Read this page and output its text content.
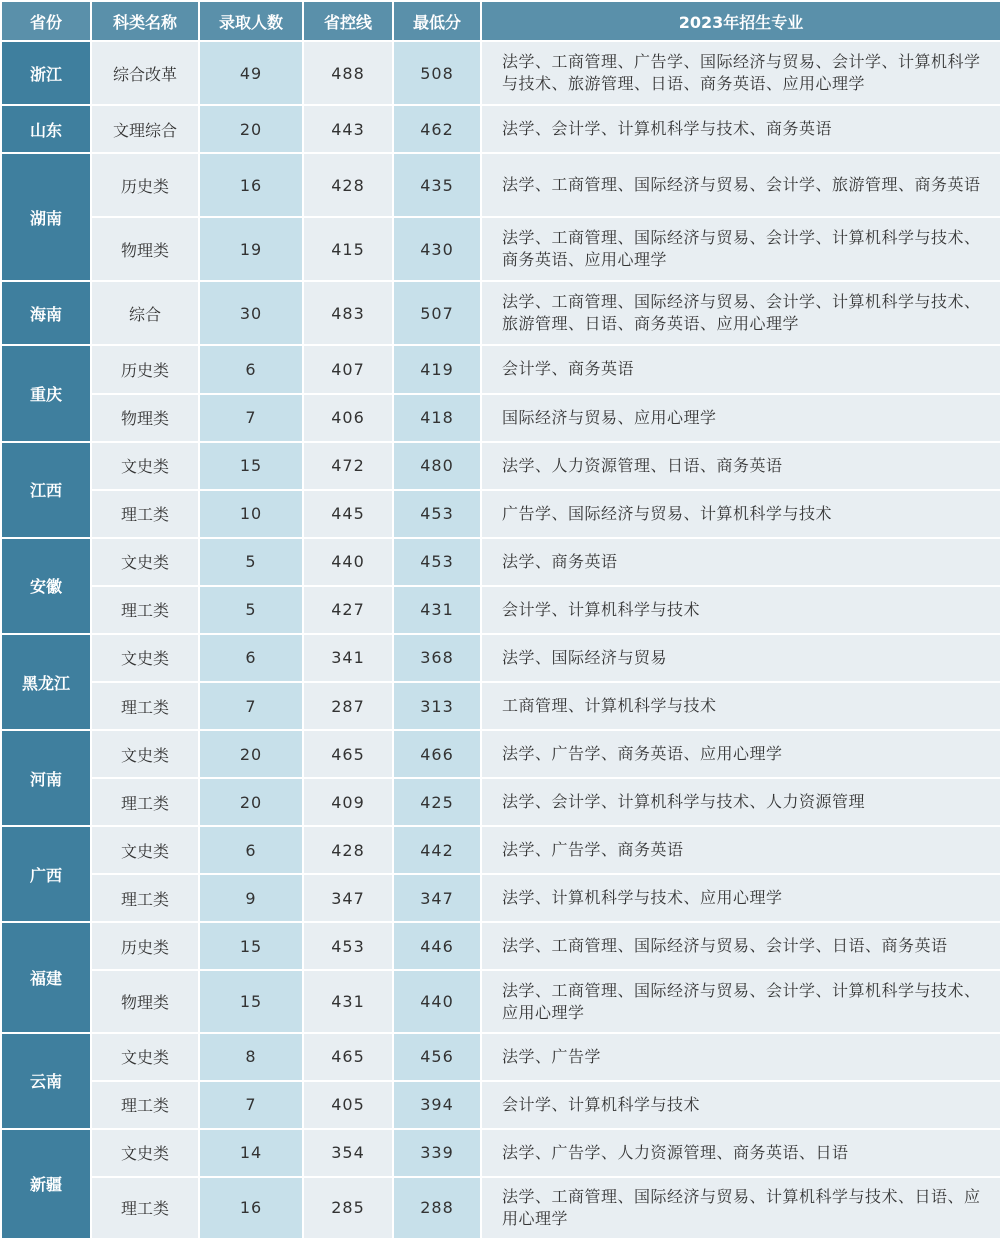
省份	科类名称	录取人数	省控线	最低分	2023年招生专业
浙江	综合改革	49	488	508	法学、工商管理、广告学、国际经济与贸易、会计学、计算机科学与技术、旅游管理、日语、商务英语、应用心理学
山东	文理综合	20	443	462	法学、会计学、计算机科学与技术、商务英语
湖南	历史类	16	428	435	法学、工商管理、国际经济与贸易、会计学、旅游管理、商务英语
	物理类	19	415	430	法学、工商管理、国际经济与贸易、会计学、计算机科学与技术、商务英语、应用心理学
海南	综合	30	483	507	法学、工商管理、国际经济与贸易、会计学、计算机科学与技术、旅游管理、日语、商务英语、应用心理学
重庆	历史类	6	407	419	会计学、商务英语
	物理类	7	406	418	国际经济与贸易、应用心理学
江西	文史类	15	472	480	法学、人力资源管理、日语、商务英语
	理工类	10	445	453	广告学、国际经济与贸易、计算机科学与技术
安徽	文史类	5	440	453	法学、商务英语
	理工类	5	427	431	会计学、计算机科学与技术
黑龙江	文史类	6	341	368	法学、国际经济与贸易
	理工类	7	287	313	工商管理、计算机科学与技术
河南	文史类	20	465	466	法学、广告学、商务英语、应用心理学
	理工类	20	409	425	法学、会计学、计算机科学与技术、人力资源管理
广西	文史类	6	428	442	法学、广告学、商务英语
	理工类	9	347	347	法学、计算机科学与技术、应用心理学
福建	历史类	15	453	446	法学、工商管理、国际经济与贸易、会计学、日语、商务英语
	物理类	15	431	440	法学、工商管理、国际经济与贸易、会计学、计算机科学与技术、应用心理学
云南	文史类	8	465	456	法学、广告学
	理工类	7	405	394	会计学、计算机科学与技术
新疆	文史类	14	354	339	法学、广告学、人力资源管理、商务英语、日语
	理工类	16	285	288	法学、工商管理、国际经济与贸易、计算机科学与技术、日语、应用心理学
